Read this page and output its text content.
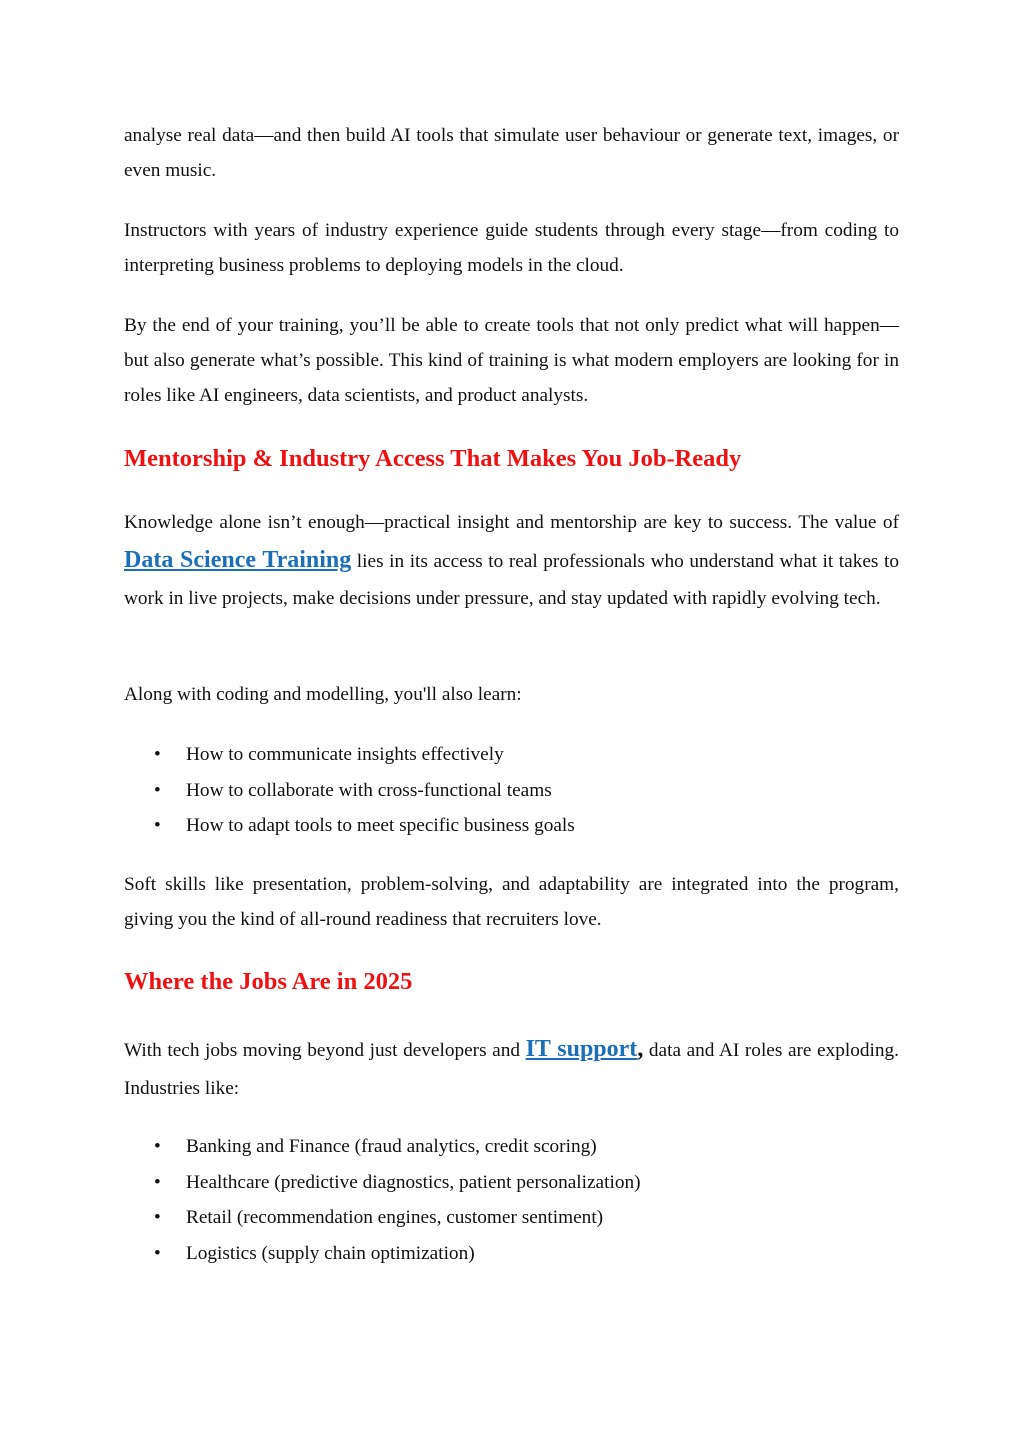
analyse real data—and then build AI tools that simulate user behaviour or generate text, images, or even music.

Instructors with years of industry experience guide students through every stage—from coding to interpreting business problems to deploying models in the cloud.

By the end of your training, you’ll be able to create tools that not only predict what will happen—but also generate what’s possible. This kind of training is what modern employers are looking for in roles like AI engineers, data scientists, and product analysts.

Mentorship & Industry Access That Makes You Job-Ready

Knowledge alone isn’t enough—practical insight and mentorship are key to success. The value of Data Science Training lies in its access to real professionals who understand what it takes to work in live projects, make decisions under pressure, and stay updated with rapidly evolving tech.

Along with coding and modelling, you'll also learn:

• How to communicate insights effectively
• How to collaborate with cross-functional teams
• How to adapt tools to meet specific business goals

Soft skills like presentation, problem-solving, and adaptability are integrated into the program, giving you the kind of all-round readiness that recruiters love.

Where the Jobs Are in 2025

With tech jobs moving beyond just developers and IT support, data and AI roles are exploding. Industries like:

• Banking and Finance (fraud analytics, credit scoring)
• Healthcare (predictive diagnostics, patient personalization)
• Retail (recommendation engines, customer sentiment)
• Logistics (supply chain optimization)
